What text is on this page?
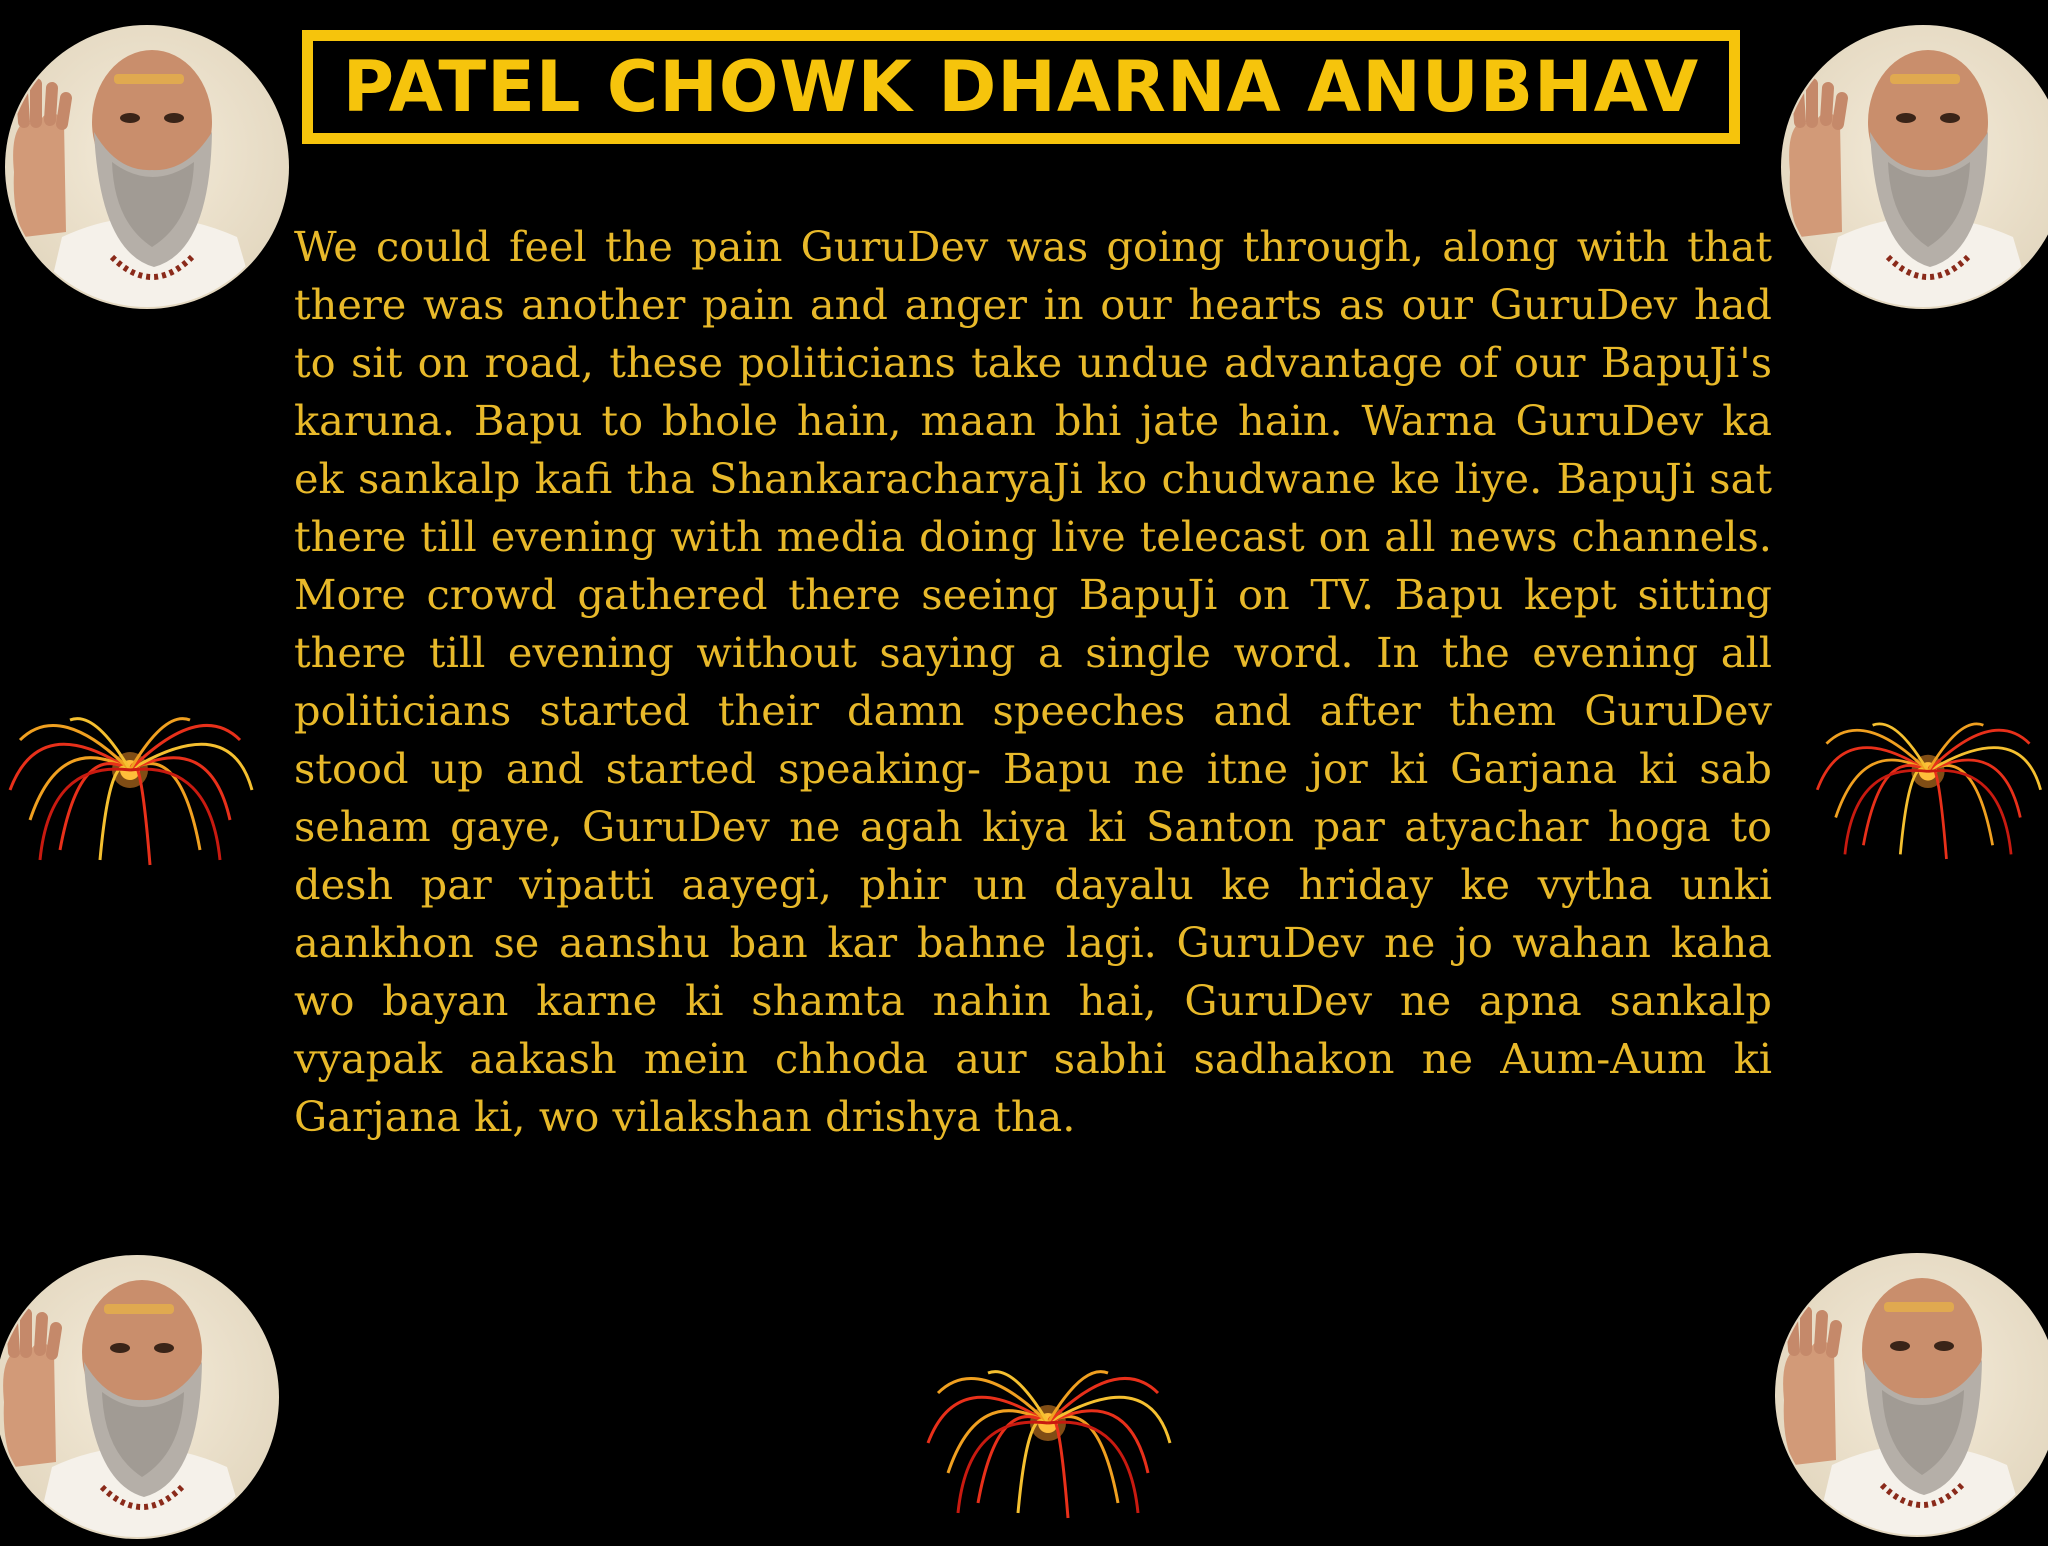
PATEL CHOWK DHARNA ANUBHAV

We could feel the pain GuruDev was going through, along with that there was another pain and anger in our hearts as our GuruDev had to sit on road, these politicians take undue advantage of our BapuJi's karuna. Bapu to bhole hain, maan bhi jate hain. Warna GuruDev ka ek sankalp kafi tha ShankaracharyaJi ko chudwane ke liye. BapuJi sat there till evening with media doing live telecast on all news channels. More crowd gathered there seeing BapuJi on TV. Bapu kept sitting there till evening without saying a single word. In the evening all politicians started their damn speeches and after them GuruDev stood up and started speaking- Bapu ne itne jor ki Garjana ki sab seham gaye, GuruDev ne agah kiya ki Santon par atyachar hoga to desh par vipatti aayegi, phir un dayalu ke hriday ke vytha unki aankhon se aanshu ban kar bahne lagi. GuruDev ne jo wahan kaha wo bayan karne ki shamta nahin hai, GuruDev ne apna sankalp vyapak aakash mein chhoda aur sabhi sadhakon ne Aum-Aum ki Garjana ki, wo vilakshan drishya tha.
